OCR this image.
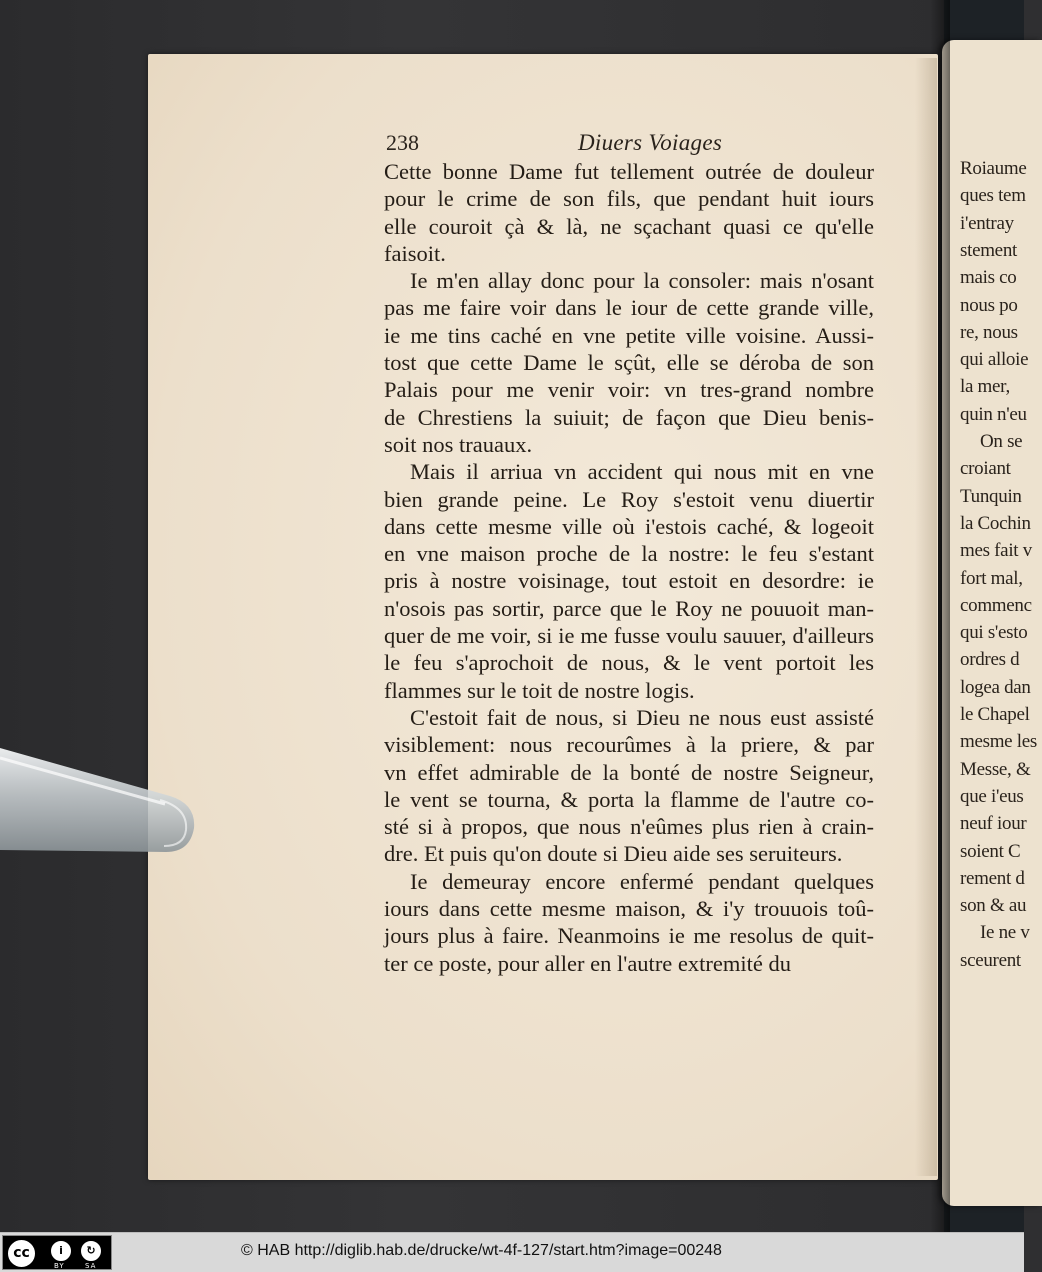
Roiaume
ques tem
i'entray
stement
mais co
nous po
re, nous
qui alloie
la mer,
quin n'eu
On se
croiant
Tunquin
la Cochin
mes fait v
fort mal,
commenc
qui s'esto
ordres d
logea dan
le Chapel
mesme les
Messe, &
que i'eus
neuf iour
soient C
rement d
son & au
Ie ne v
sceurent
238	Diuers Voiages
Cette bonne Dame fut tellement outrée de douleur
pour le crime de son fils, que pendant huit iours
elle couroit çà & là, ne sçachant quasi ce qu'elle
faisoit.
Ie m'en allay donc pour la consoler: mais n'osant
pas me faire voir dans le iour de cette grande ville,
ie me tins caché en vne petite ville voisine. Aussi-
tost que cette Dame le sçût, elle se déroba de son
Palais pour me venir voir: vn tres-grand nombre
de Chrestiens la suiuit; de façon que Dieu benis-
soit nos trauaux.
Mais il arriua vn accident qui nous mit en vne
bien grande peine. Le Roy s'estoit venu diuertir
dans cette mesme ville où i'estois caché, & logeoit
en vne maison proche de la nostre: le feu s'estant
pris à nostre voisinage, tout estoit en desordre: ie
n'osois pas sortir, parce que le Roy ne pouuoit man-
quer de me voir, si ie me fusse voulu sauuer, d'ailleurs
le feu s'aprochoit de nous, & le vent portoit les
flammes sur le toit de nostre logis.
C'estoit fait de nous, si Dieu ne nous eust assisté
visiblement: nous recourûmes à la priere, & par
vn effet admirable de la bonté de nostre Seigneur,
le vent se tourna, & porta la flamme de l'autre co-
sté si à propos, que nous n'eûmes plus rien à crain-
dre. Et puis qu'on doute si Dieu aide ses seruiteurs.
Ie demeuray encore enfermé pendant quelques
iours dans cette mesme maison, & i'y trouuois toû-
jours plus à faire. Neanmoins ie me resolus de quit-
ter ce poste, pour aller en l'autre extremité du
cc	i	↻
BY	SA
© HAB http://diglib.hab.de/drucke/wt-4f-127/start.htm?image=00248
